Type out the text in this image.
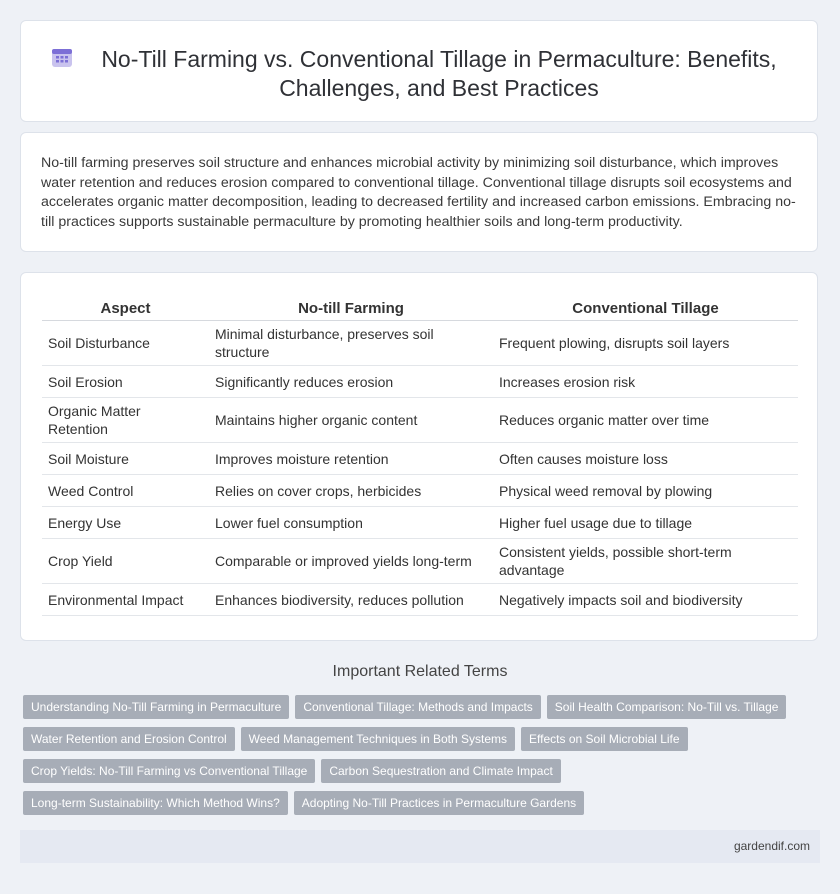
No-Till Farming vs. Conventional Tillage in Permaculture: Benefits, Challenges, and Best Practices

No-till farming preserves soil structure and enhances microbial activity by minimizing soil disturbance, which improves water retention and reduces erosion compared to conventional tillage. Conventional tillage disrupts soil ecosystems and accelerates organic matter decomposition, leading to decreased fertility and increased carbon emissions. Embracing no-till practices supports sustainable permaculture by promoting healthier soils and long-term productivity.

Aspect	No-till Farming	Conventional Tillage
Soil Disturbance	Minimal disturbance, preserves soil structure	Frequent plowing, disrupts soil layers
Soil Erosion	Significantly reduces erosion	Increases erosion risk
Organic Matter Retention	Maintains higher organic content	Reduces organic matter over time
Soil Moisture	Improves moisture retention	Often causes moisture loss
Weed Control	Relies on cover crops, herbicides	Physical weed removal by plowing
Energy Use	Lower fuel consumption	Higher fuel usage due to tillage
Crop Yield	Comparable or improved yields long-term	Consistent yields, possible short-term advantage
Environmental Impact	Enhances biodiversity, reduces pollution	Negatively impacts soil and biodiversity
Important Related Terms
Understanding No-Till Farming in Permaculture Conventional Tillage: Methods and Impacts Soil Health Comparison: No-Till vs. Tillage
Water Retention and Erosion Control Weed Management Techniques in Both Systems Effects on Soil Microbial Life
Crop Yields: No-Till Farming vs Conventional Tillage Carbon Sequestration and Climate Impact
Long-term Sustainability: Which Method Wins? Adopting No-Till Practices in Permaculture Gardens
gardendif.com
